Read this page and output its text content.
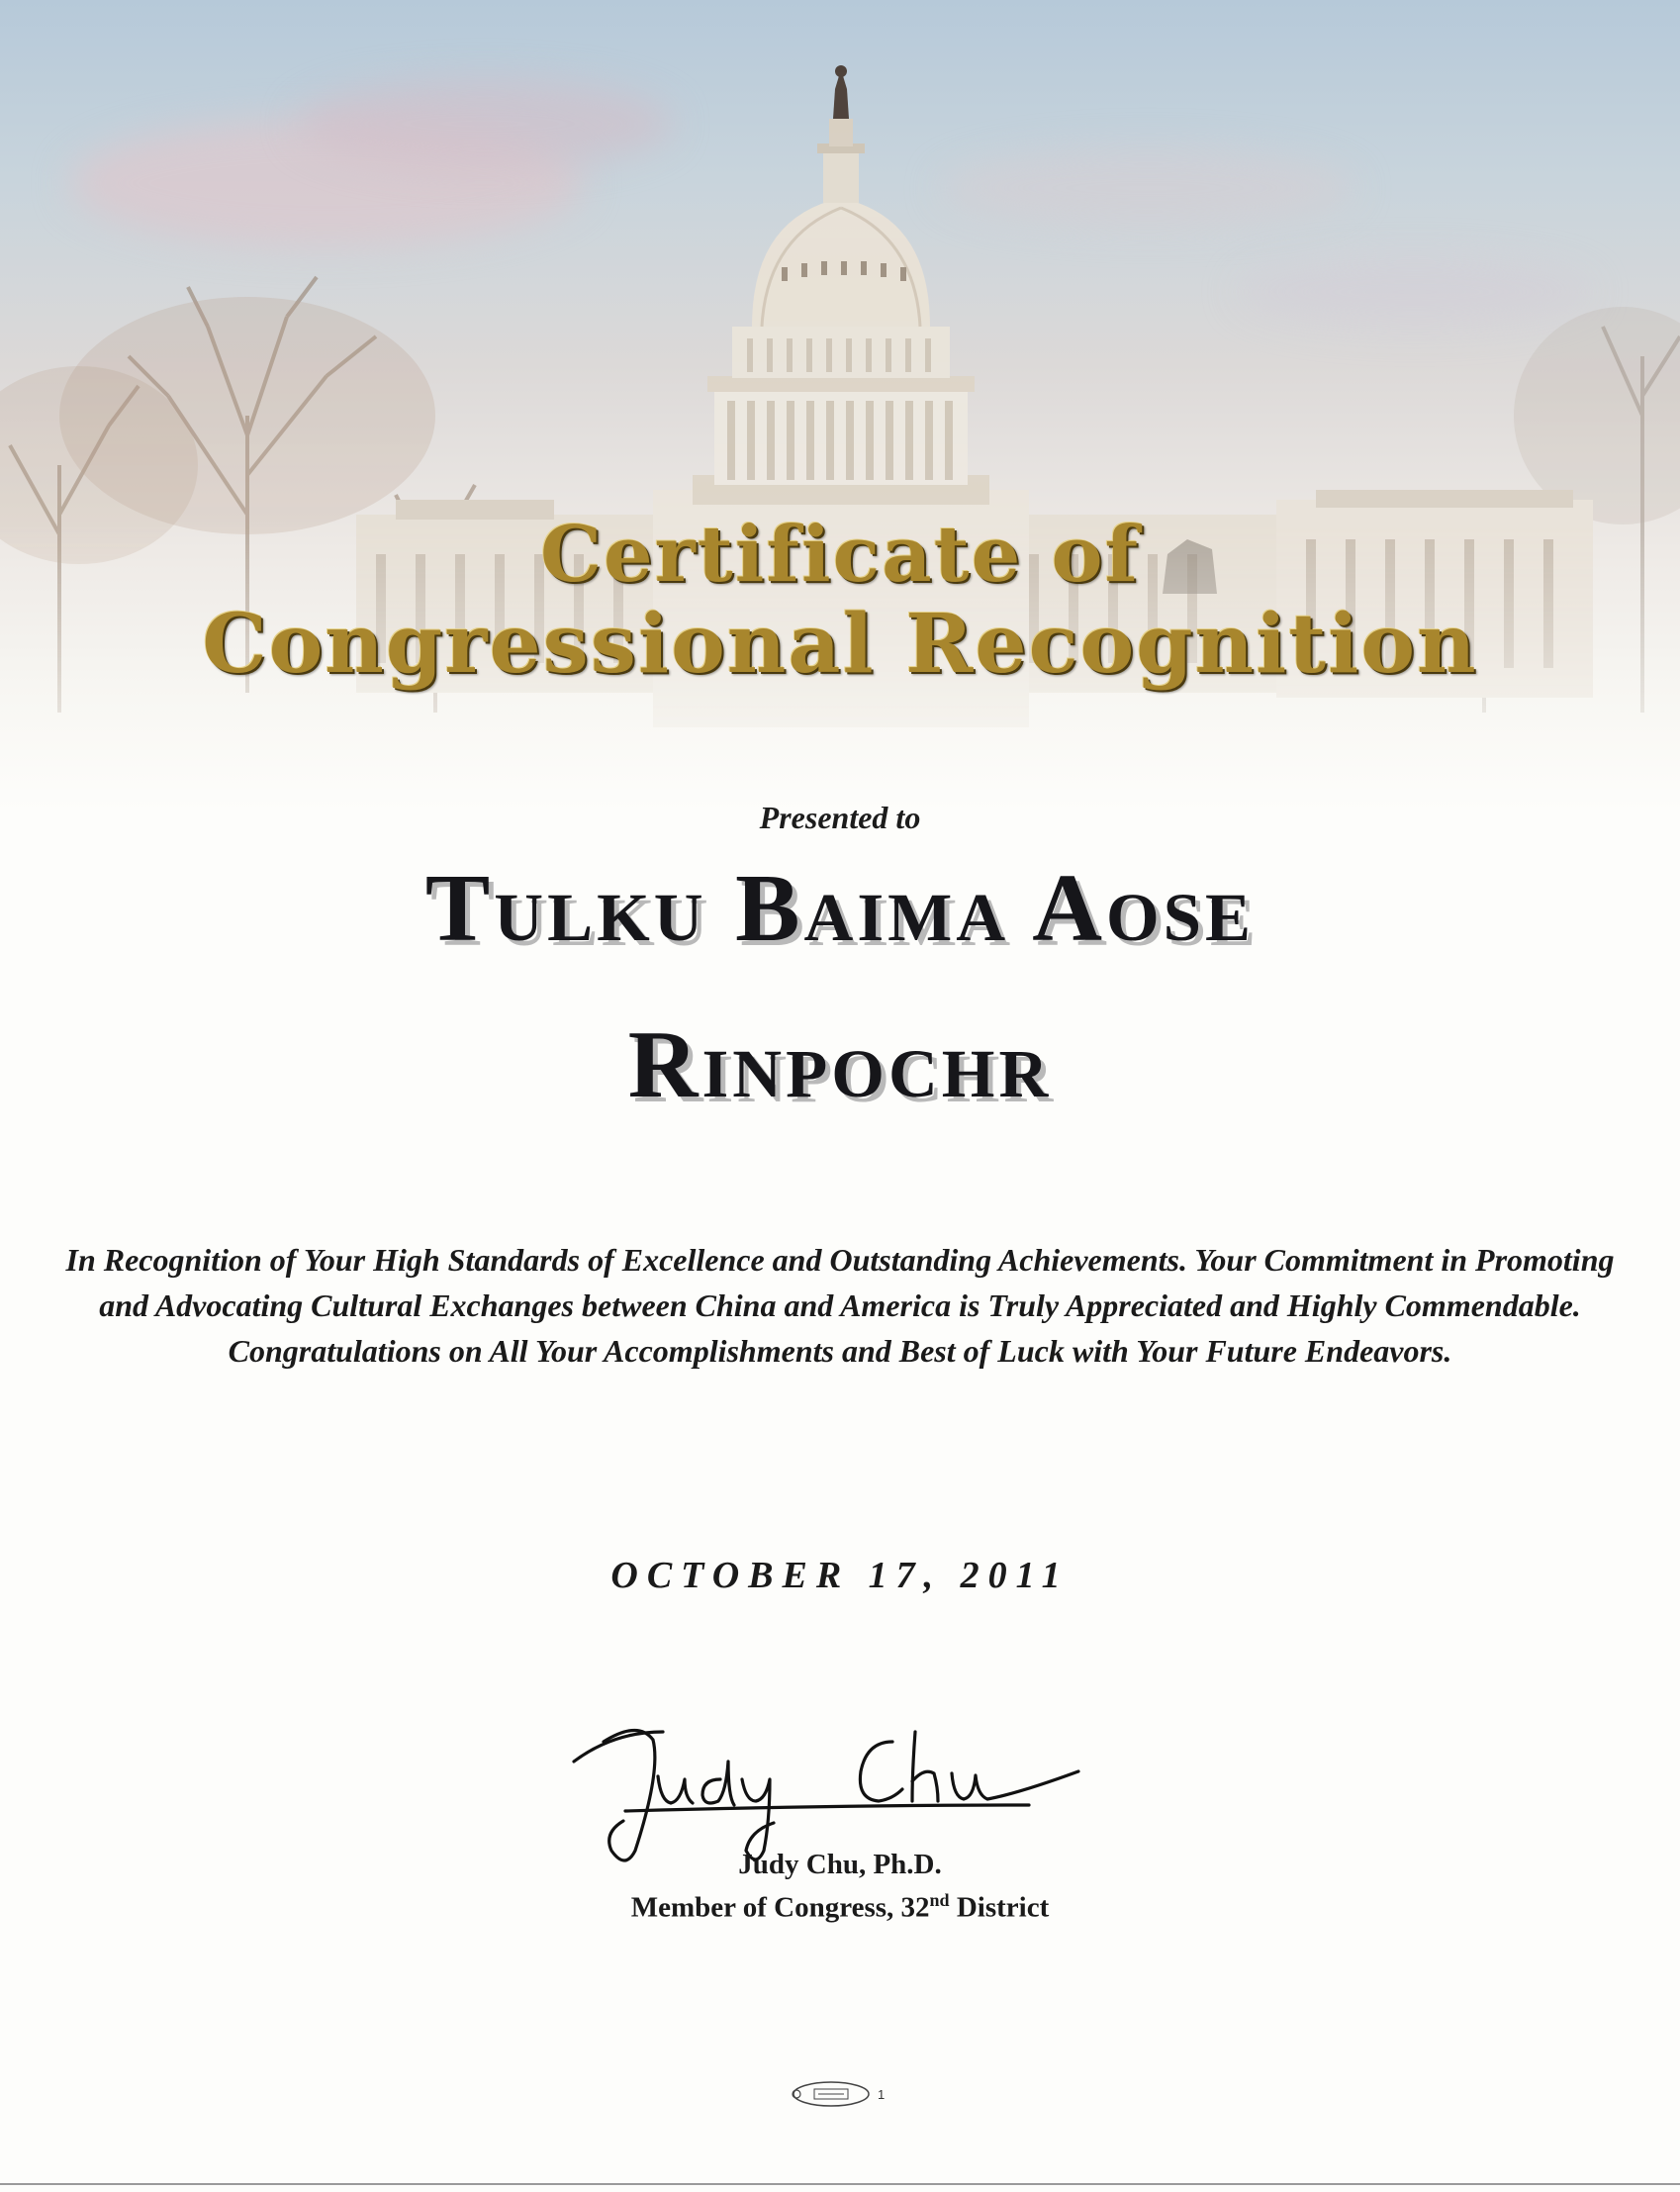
Certificate of
Congressional Recognition
Presented to
Tulku Baima Aose
Rinpochr
In Recognition of Your High Standards of Excellence and Outstanding Achievements. Your Commitment in Promoting and Advocating Cultural Exchanges between China and America is Truly Appreciated and Highly Commendable. Congratulations on All Your Accomplishments and Best of Luck with Your Future Endeavors.
OCTOBER 17, 2011
Judy Chu, Ph.D.
Member of Congress, 32nd District
1
